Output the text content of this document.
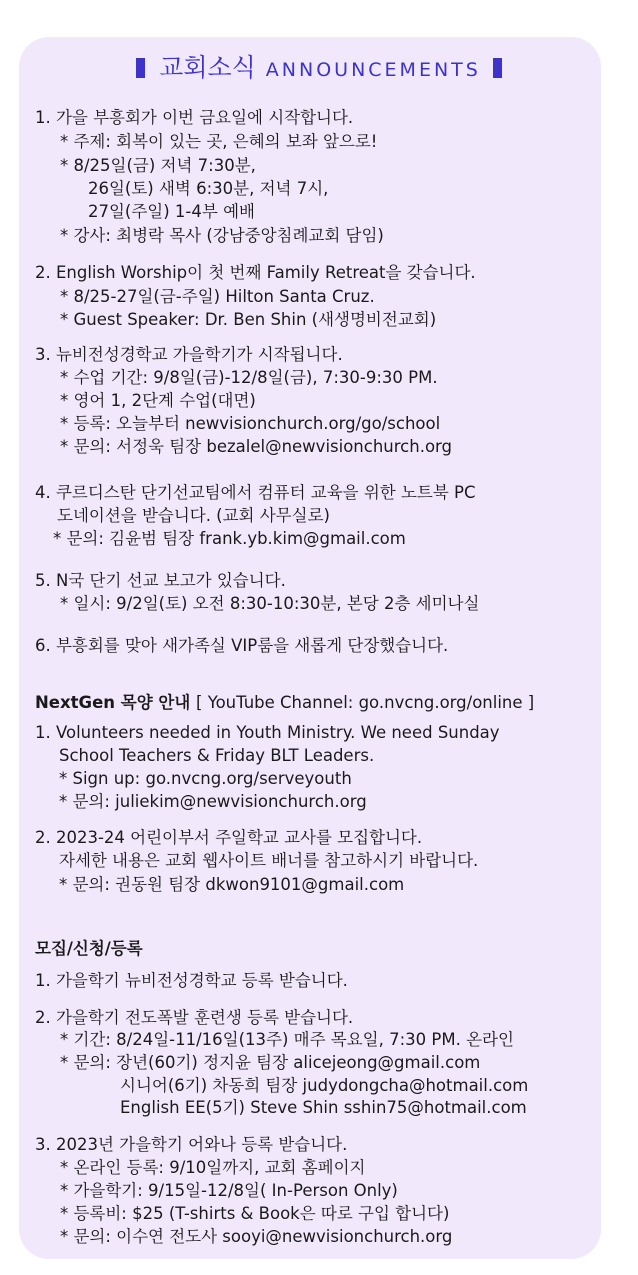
교회소식 ANNOUNCEMENTS
1. 가을 부흥회가 이번 금요일에 시작합니다.
* 주제: 회복이 있는 곳, 은혜의 보좌 앞으로!
* 8/25일(금) 저녁 7:30분,
26일(토) 새벽 6:30분, 저녁 7시,
27일(주일) 1-4부 예배
* 강사: 최병락 목사 (강남중앙침례교회 담임)
2. English Worship이 첫 번째 Family Retreat을 갖습니다.
* 8/25-27일(금-주일) Hilton Santa Cruz.
* Guest Speaker: Dr. Ben Shin (새생명비전교회)
3. 뉴비전성경학교 가을학기가 시작됩니다.
* 수업 기간: 9/8일(금)-12/8일(금), 7:30-9:30 PM.
* 영어 1, 2단계 수업(대면)
* 등록: 오늘부터 newvisionchurch.org/go/school
* 문의: 서정욱 팀장 bezalel@newvisionchurch.org
4. 쿠르디스탄 단기선교팀에서 컴퓨터 교육을 위한 노트북 PC
도네이션을 받습니다. (교회 사무실로)
* 문의: 김윤범 팀장 frank.yb.kim@gmail.com
5. N국 단기 선교 보고가 있습니다.
* 일시: 9/2일(토) 오전 8:30-10:30분, 본당 2층 세미나실
6. 부흥회를 맞아 새가족실 VIP룸을 새롭게 단장했습니다.
NextGen 목양 안내 [ YouTube Channel: go.nvcng.org/online ]
1. Volunteers needed in Youth Ministry. We need Sunday
School Teachers & Friday BLT Leaders.
* Sign up: go.nvcng.org/serveyouth
* 문의: juliekim@newvisionchurch.org
2. 2023-24 어린이부서 주일학교 교사를 모집합니다.
자세한 내용은 교회 웹사이트 배너를 참고하시기 바랍니다.
* 문의: 권동원 팀장 dkwon9101@gmail.com
모집/신청/등록
1. 가을학기 뉴비전성경학교 등록 받습니다.
2. 가을학기 전도폭발 훈련생 등록 받습니다.
* 기간: 8/24일-11/16일(13주) 매주 목요일, 7:30 PM. 온라인
* 문의: 장년(60기) 정지윤 팀장 alicejeong@gmail.com
시니어(6기) 차동희 팀장 judydongcha@hotmail.com
English EE(5기) Steve Shin sshin75@hotmail.com
3. 2023년 가을학기 어와나 등록 받습니다.
* 온라인 등록: 9/10일까지, 교회 홈페이지
* 가을학기: 9/15일-12/8일( In-Person Only)
* 등록비: $25 (T-shirts & Book은 따로 구입 합니다)
* 문의: 이수연 전도사 sooyi@newvisionchurch.org
